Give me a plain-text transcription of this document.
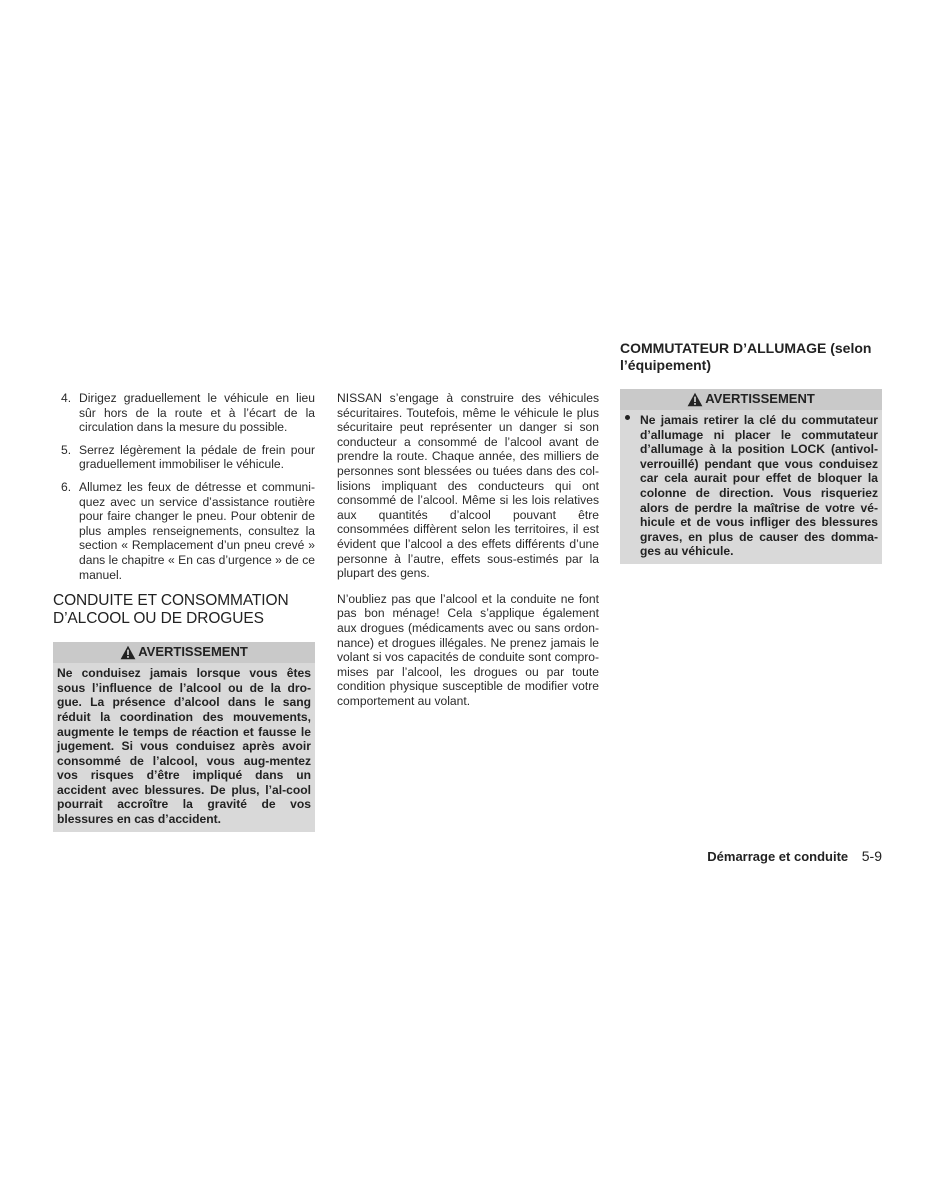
4. Dirigez graduellement le véhicule en lieu sûr hors de la route et à l’écart de la circulation dans la mesure du possible.
5. Serrez légèrement la pédale de frein pour graduellement immobiliser le véhicule.
6. Allumez les feux de détresse et communi-quez avec un service d’assistance routière pour faire changer le pneu. Pour obtenir de plus amples renseignements, consultez la section « Remplacement d’un pneu crevé » dans le chapitre « En cas d’urgence » de ce manuel.
CONDUITE ET CONSOMMATION D’ALCOOL OU DE DROGUES
AVERTISSEMENT
Ne conduisez jamais lorsque vous êtes sous l’influence de l’alcool ou de la dro-gue. La présence d’alcool dans le sang réduit la coordination des mouvements, augmente le temps de réaction et fausse le jugement. Si vous conduisez après avoir consommé de l’alcool, vous aug-mentez vos risques d’être impliqué dans un accident avec blessures. De plus, l’al-cool pourrait accroître la gravité de vos blessures en cas d’accident.

NISSAN s’engage à construire des véhicules sécuritaires. Toutefois, même le véhicule le plus sécuritaire peut représenter un danger si son conducteur a consommé de l’alcool avant de prendre la route. Chaque année, des milliers de personnes sont blessées ou tuées dans des col-lisions impliquant des conducteurs qui ont consommé de l’alcool. Même si les lois relatives aux quantités d’alcool pouvant être consommées diffèrent selon les territoires, il est évident que l’alcool a des effets différents d’une personne à l’autre, effets sous-estimés par la plupart des gens.

N’oubliez pas que l’alcool et la conduite ne font pas bon ménage! Cela s’applique également aux drogues (médicaments avec ou sans ordon-nance) et drogues illégales. Ne prenez jamais le volant si vos capacités de conduite sont compro-mises par l’alcool, les drogues ou par toute condition physique susceptible de modifier votre comportement au volant.

COMMUTATEUR D’ALLUMAGE (selon l’équipement)
AVERTISSEMENT
Ne jamais retirer la clé du commutateur d’allumage ni placer le commutateur d’allumage à la position LOCK (antivol-verrouillé) pendant que vous conduisez car cela aurait pour effet de bloquer la colonne de direction. Vous risqueriez alors de perdre la maîtrise de votre vé-hicule et de vous infliger des blessures graves, en plus de causer des domma-ges au véhicule.
Démarrage et conduite 5-9
